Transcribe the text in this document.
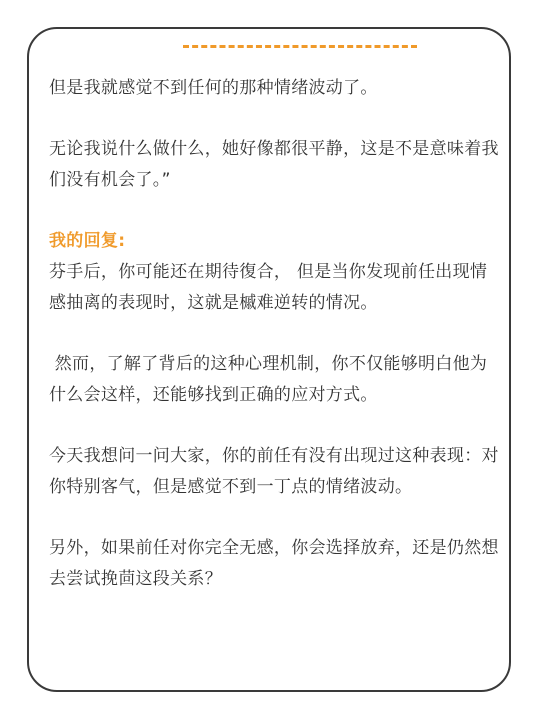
但是我就感觉不到任何的那种情绪波动了。

无论我说什么做什么，她好像都很平静，这是不是意味着我们没有机会了。”

我的回复:

芬手后，你可能还在期待復合， 但是当你发现前任出现情感抽离的表现时，这就是槭难逆转的情况。

然而，了解了背后的这种心理机制，你不仅能够明白他为什么会这样，还能够找到正确的应对方式。

今天我想问一问大家，你的前任有没有出现过这种表现：对你特别客气，但是感觉不到一丁点的情绪波动。

另外，如果前任对你完全无感，你会选择放弃，还是仍然想去尝试挽茴这段关系？
